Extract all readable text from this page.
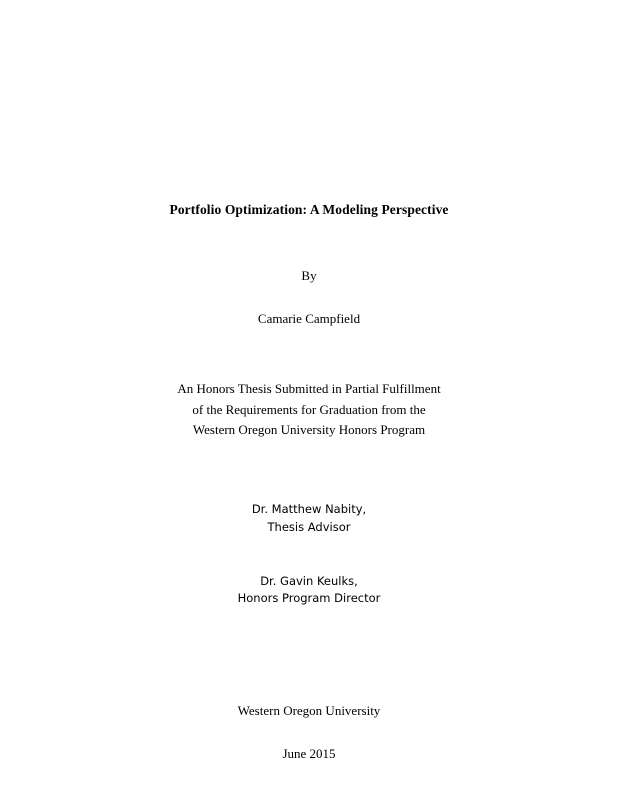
Portfolio Optimization: A Modeling Perspective
By
Camarie Campfield
An Honors Thesis Submitted in Partial Fulfillment
of the Requirements for Graduation from the
Western Oregon University Honors Program
Dr. Matthew Nabity,
Thesis Advisor
Dr. Gavin Keulks,
Honors Program Director
Western Oregon University
June 2015
